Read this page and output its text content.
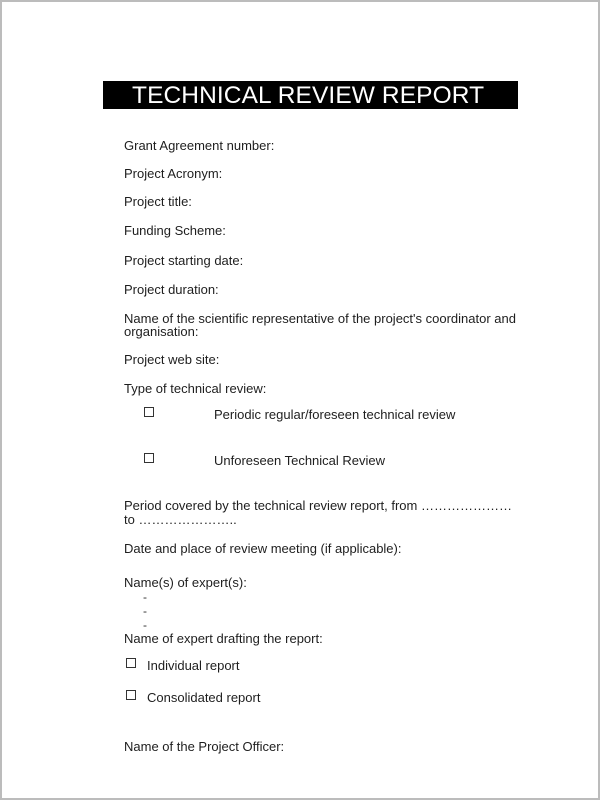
TECHNICAL REVIEW REPORT
Grant Agreement number:
Project Acronym:
Project title:
Funding Scheme:
Project starting date:
Project duration:
Name of the scientific representative of the project's coordinator and
organisation:
Project web site:
Type of technical review:
Periodic regular/foreseen technical review
Unforeseen Technical Review
Period covered by the technical review report, from …………………
to …………………..
Date and place of review meeting (if applicable):
Name(s) of expert(s):
-
-
-
Name of expert drafting the report:
Individual report
Consolidated report
Name of the Project Officer:
